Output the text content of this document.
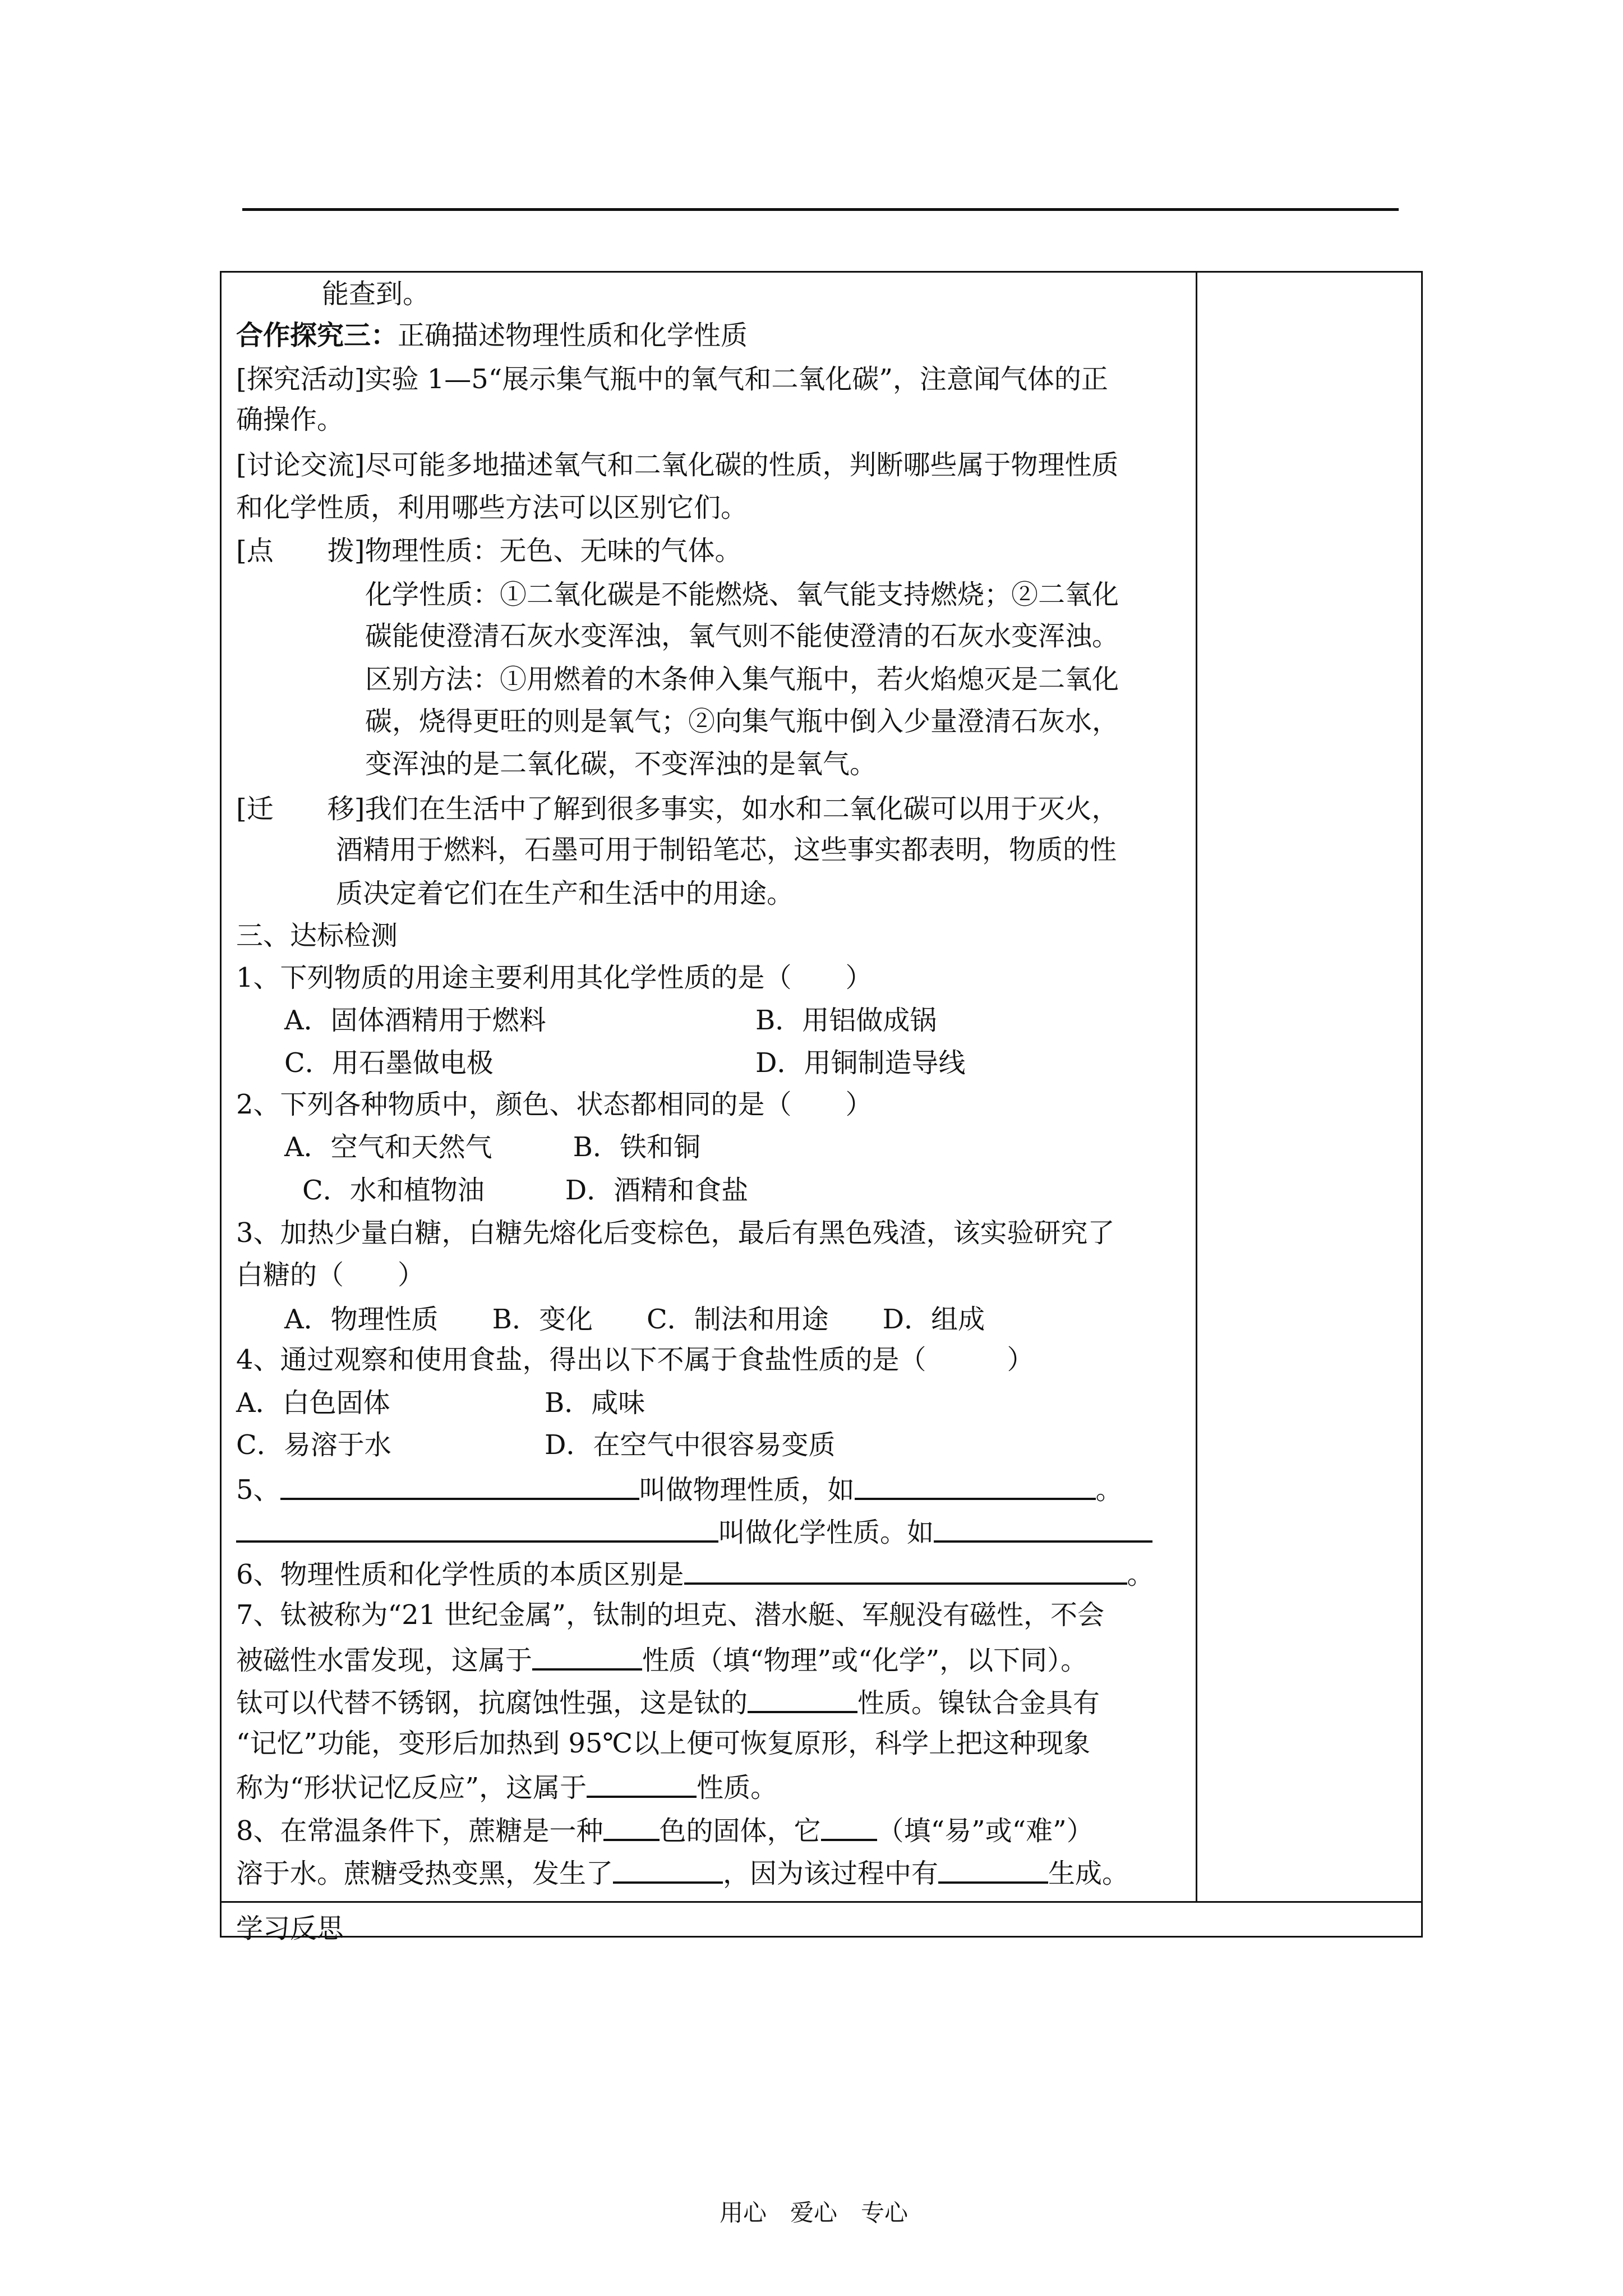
能查到。
合作探究三：正确描述物理性质和化学性质
[探究活动]实验 1—5“展示集气瓶中的氧气和二氧化碳”，注意闻气体的正
确操作。
[讨论交流]尽可能多地描述氧气和二氧化碳的性质，判断哪些属于物理性质
和化学性质，利用哪些方法可以区别它们。
[点　　拨]物理性质：无色、无味的气体。
化学性质：①二氧化碳是不能燃烧、氧气能支持燃烧；②二氧化
碳能使澄清石灰水变浑浊，氧气则不能使澄清的石灰水变浑浊。
区别方法：①用燃着的木条伸入集气瓶中，若火焰熄灭是二氧化
碳，烧得更旺的则是氧气；②向集气瓶中倒入少量澄清石灰水，
变浑浊的是二氧化碳，不变浑浊的是氧气。
[迁　　移]我们在生活中了解到很多事实，如水和二氧化碳可以用于灭火，
酒精用于燃料，石墨可用于制铅笔芯，这些事实都表明，物质的性
质决定着它们在生产和生活中的用途。
三、达标检测
1、下列物质的用途主要利用其化学性质的是（　　）
A．固体酒精用于燃料	B．用铝做成锅
C．用石墨做电极	D．用铜制造导线
2、下列各种物质中，颜色、状态都相同的是（　　）
A．空气和天然气　　　B．铁和铜
C．水和植物油　　　D．酒精和食盐
3、加热少量白糖，白糖先熔化后变棕色，最后有黑色残渣，该实验研究了
白糖的（　　）
A．物理性质　　B．变化　　C．制法和用途　　D．组成
4、通过观察和使用食盐，得出以下不属于食盐性质的是（　　　）
A．白色固体	B．咸味
C．易溶于水	D．在空气中很容易变质
5、	叫做物理性质，如	。
叫做化学性质。如
6、物理性质和化学性质的本质区别是	。
7、钛被称为“21 世纪金属”，钛制的坦克、潜水艇、军舰没有磁性，不会
被磁性水雷发现，这属于	性质（填“物理”或“化学”，以下同）。
钛可以代替不锈钢，抗腐蚀性强，这是钛的	性质。镍钛合金具有
“记忆”功能，变形后加热到 95℃以上便可恢复原形，科学上把这种现象
称为“形状记忆反应”，这属于	性质。
8、在常温条件下，蔗糖是一种 色的固体，它 （填“易”或“难”）
溶于水。蔗糖受热变黑，发生了	，因为该过程中有	生成。
学习反思
用心　爱心　专心
